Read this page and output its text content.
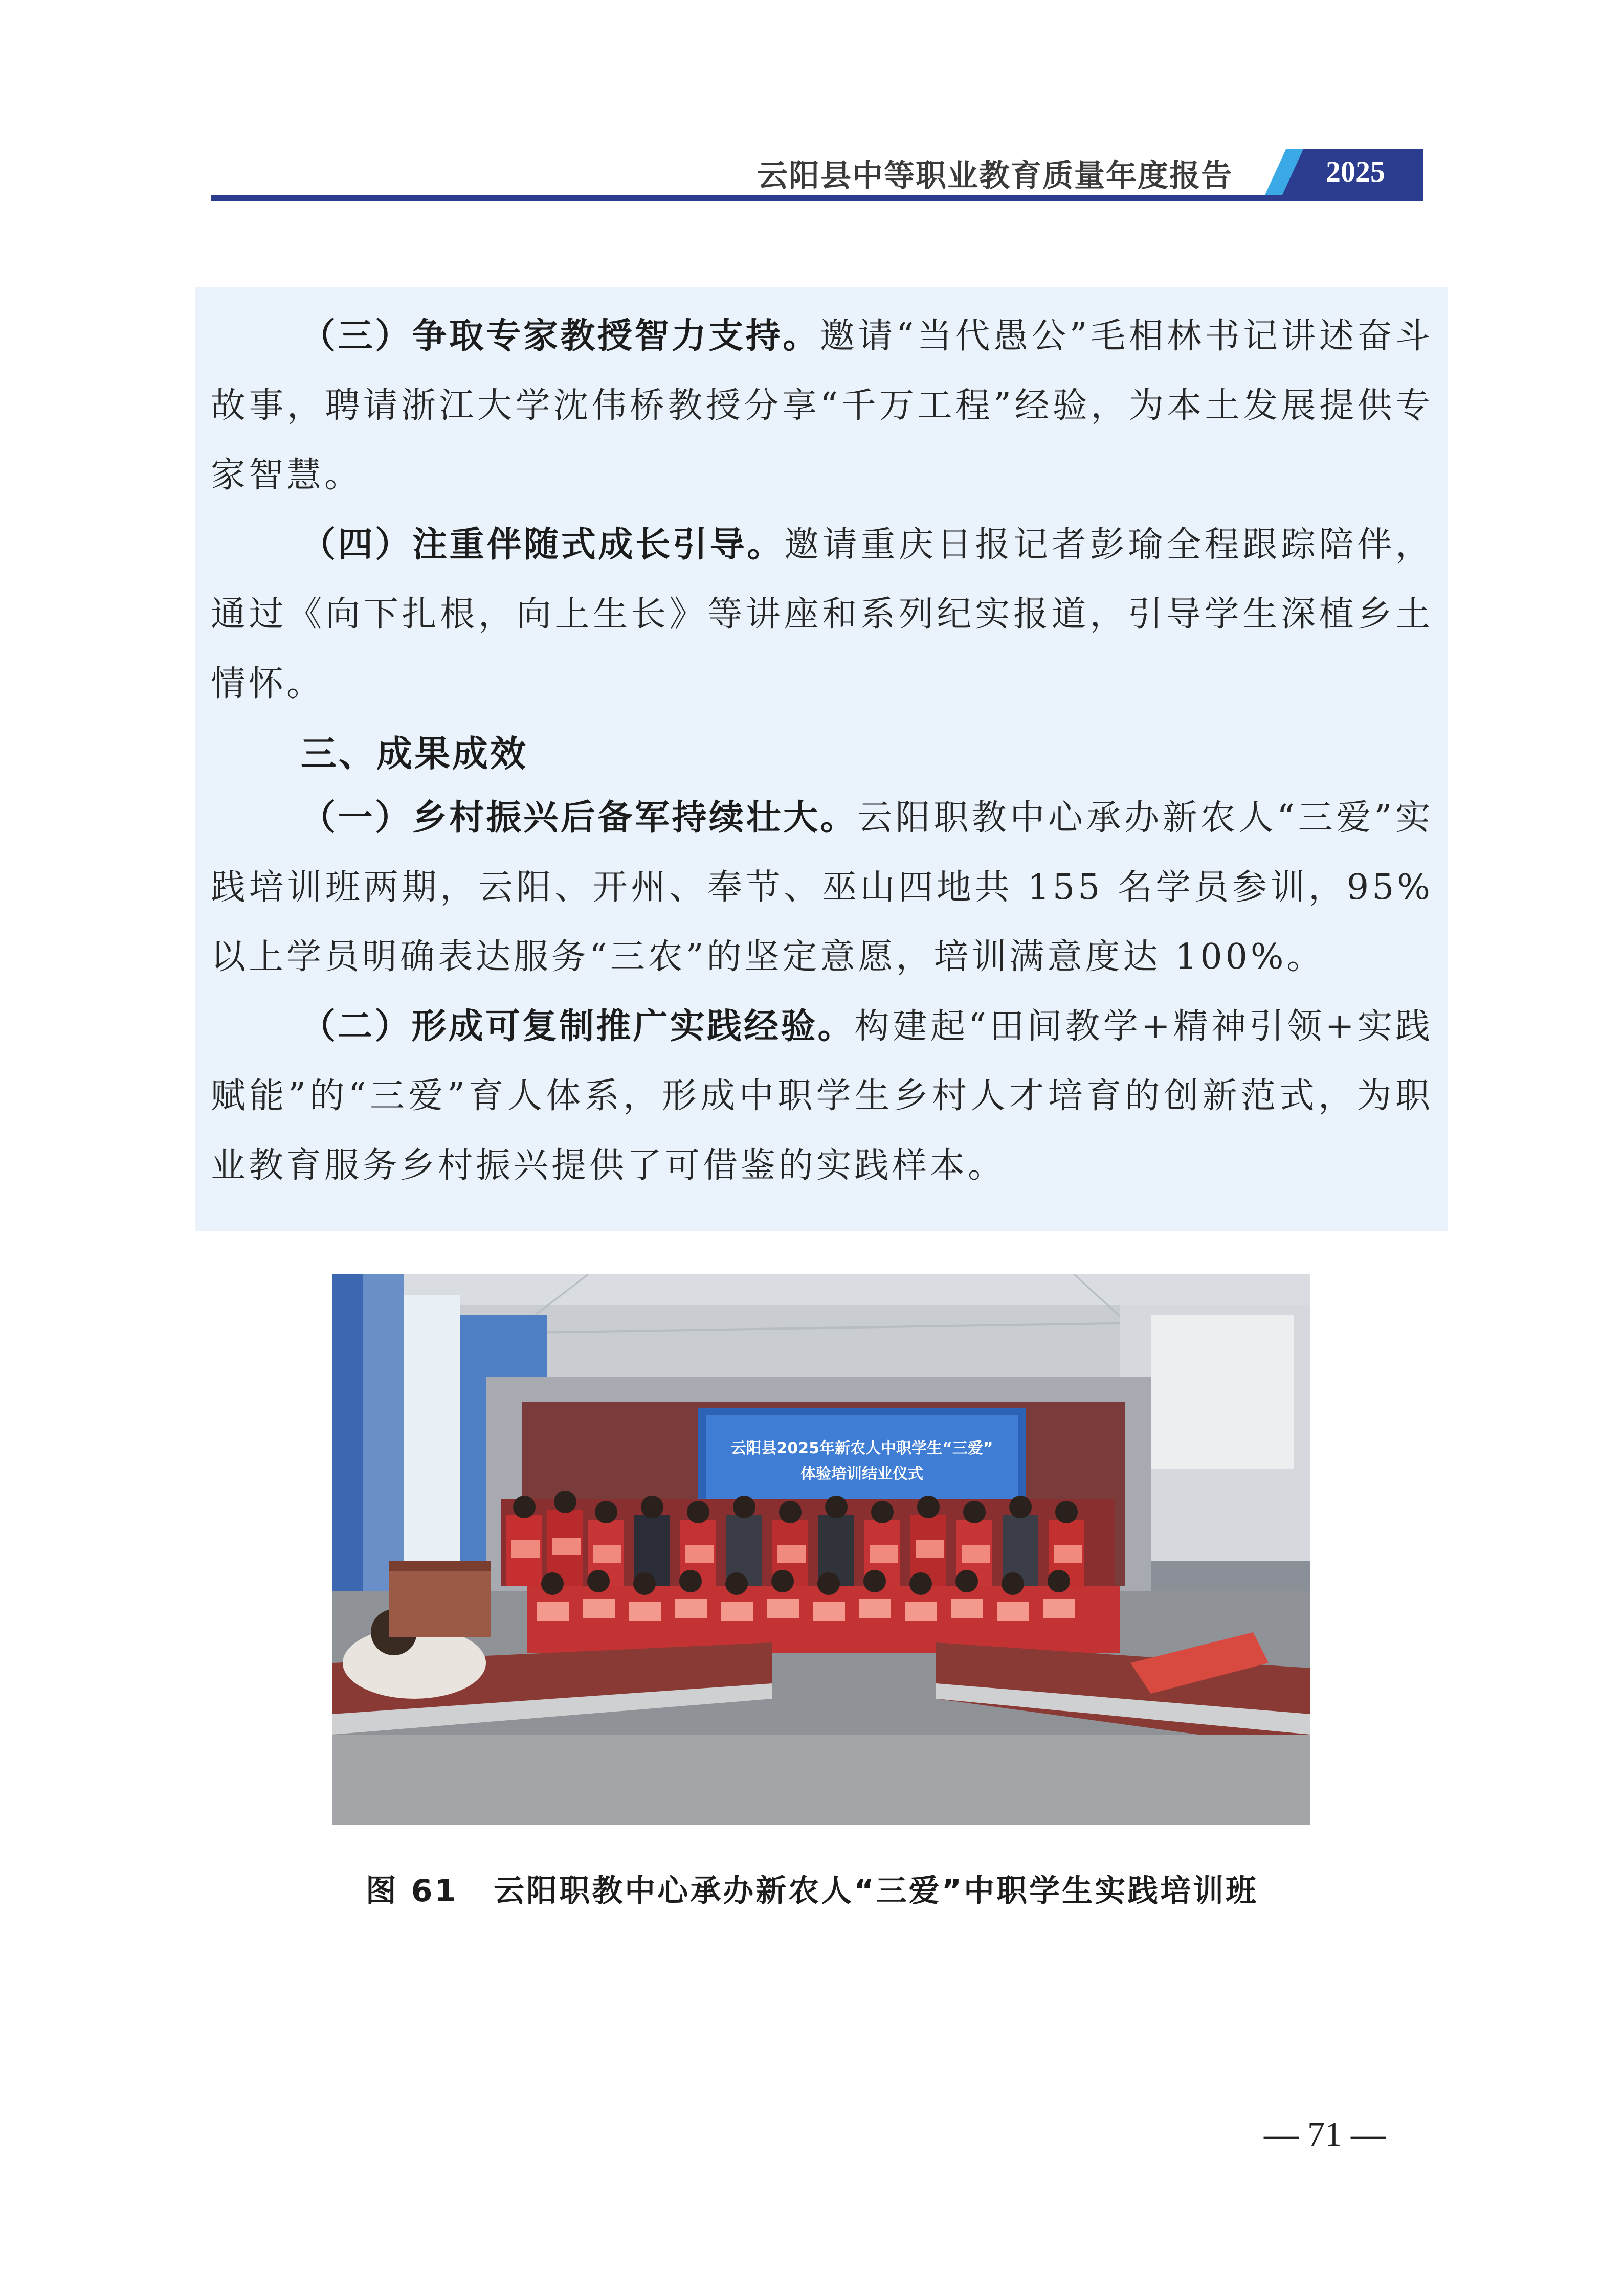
云阳县中等职业教育质量年度报告	2025
（三）争取专家教授智力支持。邀请“当代愚公”毛相林书记讲述奋斗故事，聘请浙江大学沈伟桥教授分享“千万工程”经验，为本土发展提供专家智慧。
（四）注重伴随式成长引导。邀请重庆日报记者彭瑜全程跟踪陪伴，通过《向下扎根，向上生长》等讲座和系列纪实报道，引导学生深植乡土情怀。
三、成果成效
（一）乡村振兴后备军持续壮大。云阳职教中心承办新农人“三爱”实践培训班两期，云阳、开州、奉节、巫山四地共 155 名学员参训，95%以上学员明确表达服务“三农”的坚定意愿，培训满意度达 100%。
（二）形成可复制推广实践经验。构建起“田间教学+精神引领+实践赋能”的“三爱”育人体系，形成中职学生乡村人才培育的创新范式，为职业教育服务乡村振兴提供了可借鉴的实践样本。
云阳县2025年新农人中职学生“三爱”
体验培训结业仪式
图 61 云阳职教中心承办新农人“三爱”中职学生实践培训班
— 71 —
